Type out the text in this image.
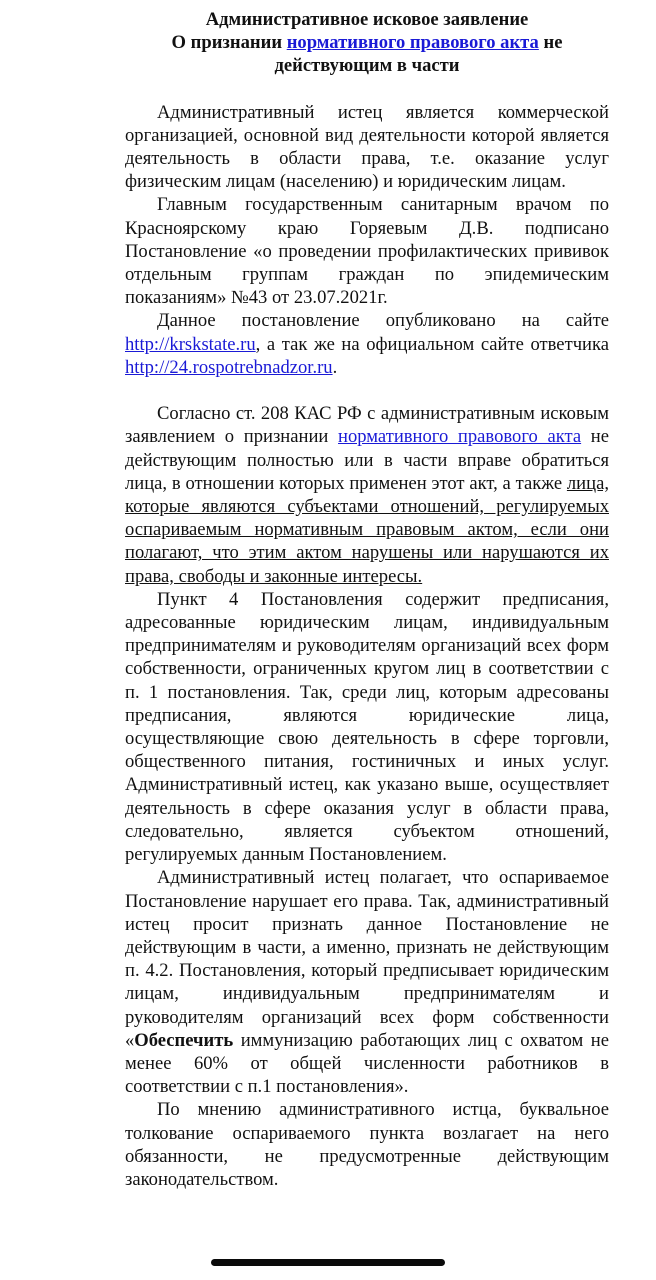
Административное исковое заявление
О признании нормативного правового акта не
действующим в части

Административный истец является коммерческой организацией, основной вид деятельности которой является деятельность в области права, т.е. оказание услуг физическим лицам (населению) и юридическим лицам.

Главным государственным санитарным врачом по Красноярскому краю Горяевым Д.В. подписано Постановление «о проведении профилактических прививок отдельным группам граждан по эпидемическим показаниям» №43 от 23.07.2021г.

Данное постановление опубликовано на сайте http://krskstate.ru, а так же на официальном сайте ответчика http://24.rospotrebnadzor.ru.

Согласно ст. 208 КАС РФ с административным исковым заявлением о признании нормативного правового акта не действующим полностью или в части вправе обратиться лица, в отношении которых применен этот акт, а также лица, которые являются субъектами отношений, регулируемых оспариваемым нормативным правовым актом, если они полагают, что этим актом нарушены или нарушаются их права, свободы и законные интересы.

Пункт 4 Постановления содержит предписания, адресованные юридическим лицам, индивидуальным предпринимателям и руководителям организаций всех форм собственности, ограниченных кругом лиц в соответствии с п. 1 постановления. Так, среди лиц, которым адресованы предписания, являются юридические лица, осуществляющие свою деятельность в сфере торговли, общественного питания, гостиничных и иных услуг. Административный истец, как указано выше, осуществляет деятельность в сфере оказания услуг в области права, следовательно, является субъектом отношений, регулируемых данным Постановлением.

Административный истец полагает, что оспариваемое Постановление нарушает его права. Так, административный истец просит признать данное Постановление не действующим в части, а именно, признать не действующим п. 4.2. Постановления, который предписывает юридическим лицам, индивидуальным предпринимателям и руководителям организаций всех форм собственности «Обеспечить иммунизацию работающих лиц с охватом не менее 60% от общей численности работников в соответствии с п.1 постановления».

По мнению административного истца, буквальное толкование оспариваемого пункта возлагает на него обязанности, не предусмотренные действующим законодательством.
